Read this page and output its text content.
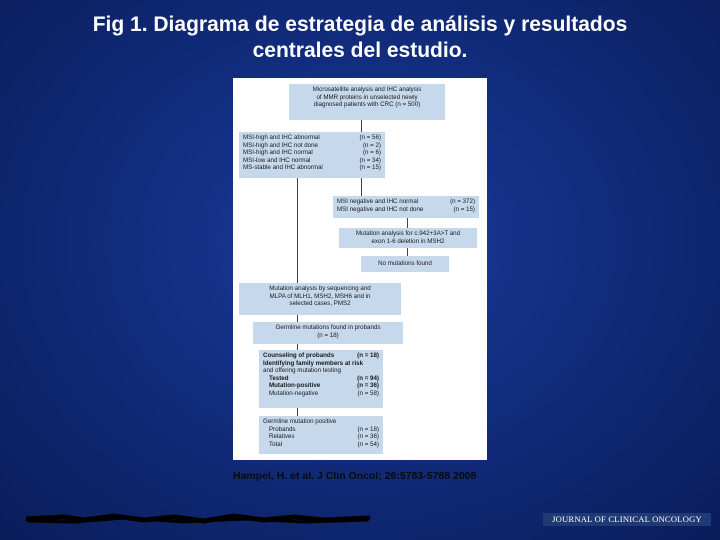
Fig 1. Diagrama de estrategia de análisis y resultados
centrales del estudio.
Microsatellite analysis and IHC analysis
of MMR proteins in unselected newly
diagnosed patients with CRC (n = 500)
MSI-high and IHC abnormal	(n = 56)
MSI-high and IHC not done	(n = 2)
MSI-high and IHC normal	(n = 6)
MSI-low and IHC normal	(n = 34)
MS-stable and IHC abnormal	(n = 15)
MSI negative and IHC normal	(n = 372)
MSI negative and IHC not done	(n = 15)
Mutation analysis for c.942+3A>T and
exon 1-6 deletion in MSH2
No mutations found
Mutation analysis by sequencing and
MLPA of MLH1, MSH2, MSH6 and in
selected cases, PMS2
Germline mutations found in probands
(n = 18)
Counseling of probands	(n = 18)
Identifying family members at risk
and offering mutation testing
Tested	(n = 94)
Mutation-positive	(n = 36)
Mutation-negative	(n = 58)
Germline mutation positive
Probands	(n = 18)
Relatives	(n = 36)
Total	(n = 54)
Hampel, H. et al. J Clin Oncol; 26:5783-5788 2008
JOURNAL OF CLINICAL ONCOLOGY
